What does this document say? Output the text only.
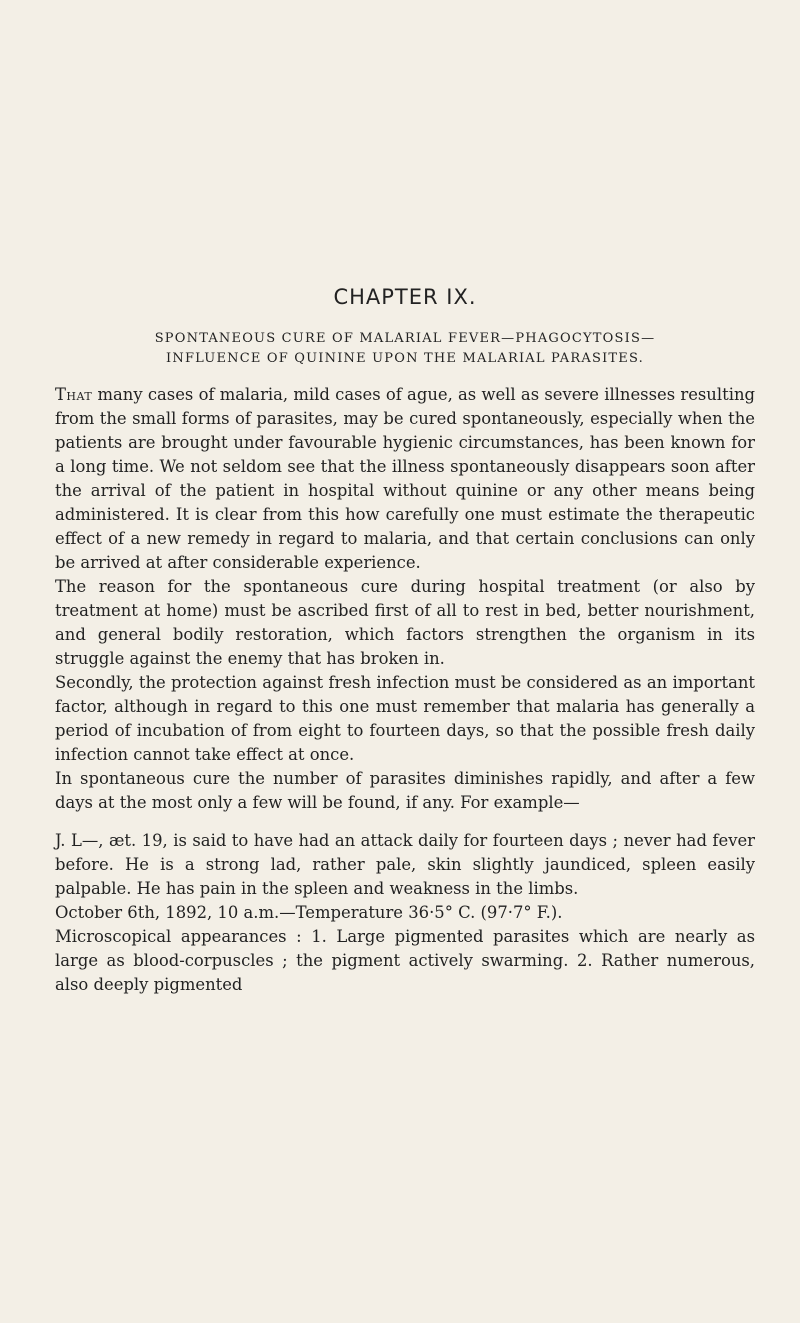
CHAPTER IX.
SPONTANEOUS CURE OF MALARIAL FEVER—PHAGOCYTOSIS—
INFLUENCE OF QUININE UPON THE MALARIAL PARASITES.

That many cases of malaria, mild cases of ague, as well as severe illnesses resulting from the small forms of parasites, may be cured spontaneously, especially when the patients are brought under favourable hygienic circumstances, has been known for a long time. We not seldom see that the illness spontaneously disappears soon after the arrival of the patient in hospital without quinine or any other means being administered. It is clear from this how carefully one must estimate the therapeutic effect of a new remedy in regard to malaria, and that certain conclusions can only be arrived at after considerable experience.

The reason for the spontaneous cure during hospital treatment (or also by treatment at home) must be ascribed first of all to rest in bed, better nourishment, and general bodily restoration, which factors strengthen the organism in its struggle against the enemy that has broken in.

Secondly, the protection against fresh infection must be considered as an important factor, although in regard to this one must remember that malaria has generally a period of incubation of from eight to fourteen days, so that the possible fresh daily infection cannot take effect at once.

In spontaneous cure the number of parasites diminishes rapidly, and after a few days at the most only a few will be found, if any. For example—

J. L—, æt. 19, is said to have had an attack daily for fourteen days ; never had fever before. He is a strong lad, rather pale, skin slightly jaundiced, spleen easily palpable. He has pain in the spleen and weakness in the limbs.

October 6th, 1892, 10 a.m.—Temperature 36·5° C. (97·7° F.).

Microscopical appearances : 1. Large pigmented parasites which are nearly as large as blood-corpuscles ; the pigment actively swarming. 2. Rather numerous, also deeply pigmented
